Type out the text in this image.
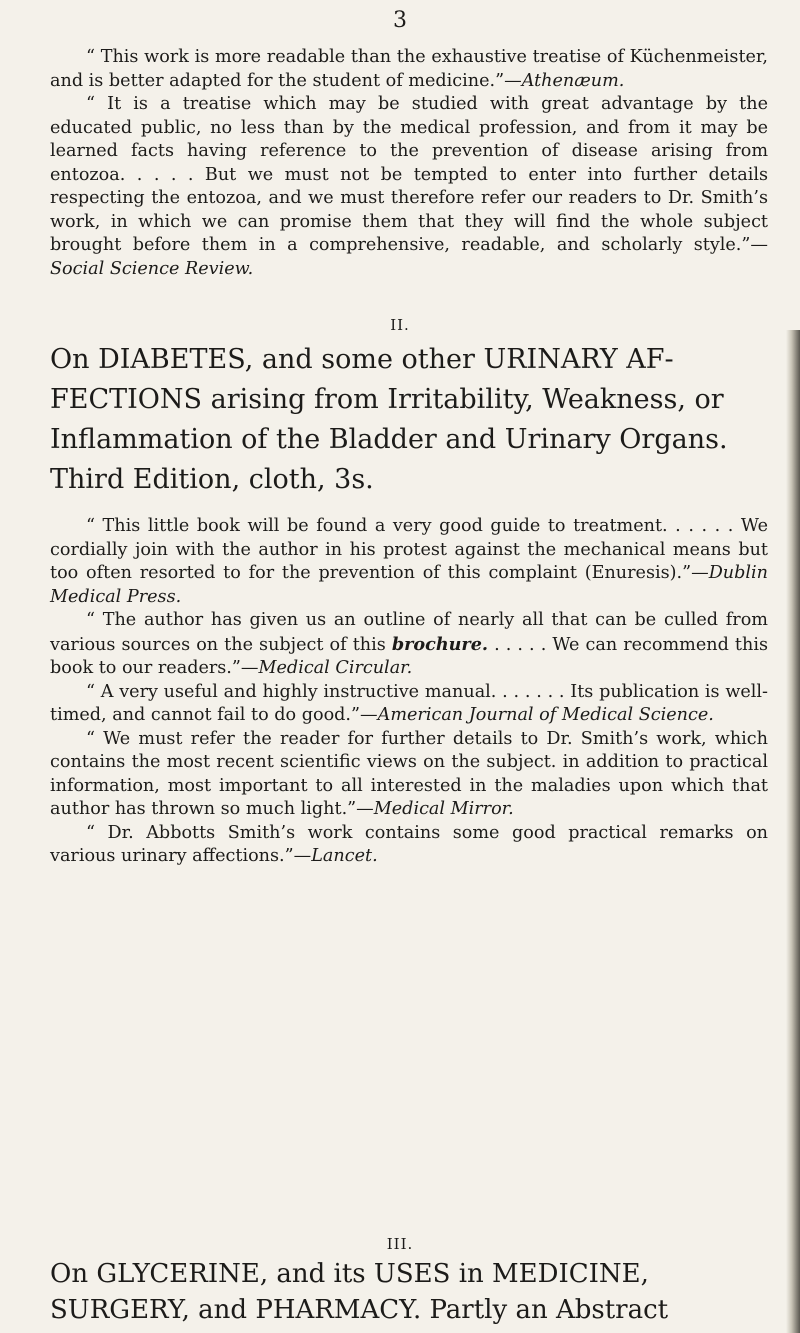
3

“ This work is more readable than the exhaustive treatise of Küchenmeister, and is better adapted for the student of medicine.”—Athenæum.

“ It is a treatise which may be studied with great advantage by the educated public, no less than by the medical profession, and from it may be learned facts having reference to the prevention of disease arising from entozoa. . . . . But we must not be tempted to enter into further details respecting the entozoa, and we must therefore refer our readers to Dr. Smith’s work, in which we can promise them that they will find the whole subject brought before them in a comprehensive, readable, and scholarly style.”—Social Science Review.

II.

On DIABETES, and some other URINARY AFFECTIONS arising from Irritability, Weakness, or Inflammation of the Bladder and Urinary Organs. Third Edition, cloth, 3s.

“ This little book will be found a very good guide to treatment. . . . . . We cordially join with the author in his protest against the mechanical means but too often resorted to for the prevention of this complaint (Enuresis).”—Dublin Medical Press.

“ The author has given us an outline of nearly all that can be culled from various sources on the subject of this brochure. . . . . . We can recommend this book to our readers.”—Medical Circular.

“ A very useful and highly instructive manual. . . . . . . Its publication is well-timed, and cannot fail to do good.”—American Journal of Medical Science.

“ We must refer the reader for further details to Dr. Smith’s work, which contains the most recent scientific views on the subject. in addition to practical information, most important to all interested in the maladies upon which that author has thrown so much light.”—Medical Mirror.

“ Dr. Abbotts Smith’s work contains some good practical remarks on various urinary affections.”—Lancet.

III.

On GLYCERINE, and its USES in MEDICINE, SURGERY, and PHARMACY. Partly an Abstract
